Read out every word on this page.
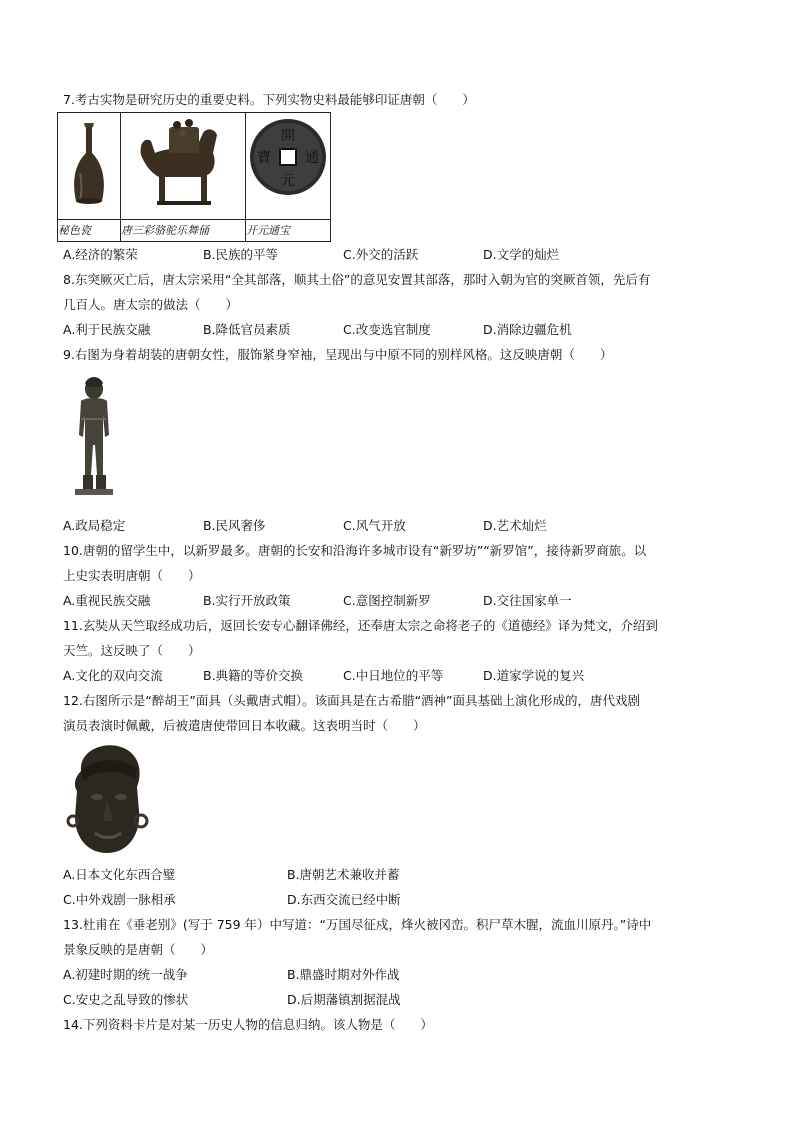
7.考古实物是研究历史的重要史料。下列实物史料最能够印证唐朝（　　）

開
通
寶
元

秘色瓷	唐三彩骆驼乐舞俑	开元通宝
A.经济的繁荣	B.民族的平等	C.外交的活跃	D.文学的灿烂
8.东突厥灭亡后，唐太宗采用“全其部落，顺其土俗”的意见安置其部落，那时入朝为官的突厥首领，先后有
几百人。唐太宗的做法（　　）
A.利于民族交融	B.降低官员素质	C.改变选官制度	D.消除边疆危机
9.右图为身着胡装的唐朝女性，服饰紧身窄袖，呈现出与中原不同的别样风格。这反映唐朝（　　）
A.政局稳定	B.民风奢侈	C.风气开放	D.艺术灿烂
10.唐朝的留学生中，以新罗最多。唐朝的长安和沿海许多城市设有“新罗坊”“新罗馆”，接待新罗商旅。以
上史实表明唐朝（　　）
A.重视民族交融	B.实行开放政策	C.意图控制新罗	D.交往国家单一
11.玄奘从天竺取经成功后，返回长安专心翻译佛经，还奉唐太宗之命将老子的《道德经》译为梵文，介绍到
天竺。这反映了（　　）
A.文化的双向交流	B.典籍的等价交换	C.中日地位的平等	D.道家学说的复兴
12.右图所示是“醉胡王”面具（头戴唐式帽）。该面具是在古希腊“酒神”面具基础上演化形成的，唐代戏剧
演员表演时佩戴，后被遣唐使带回日本收藏。这表明当时（　　）
A.日本文化东西合璧	B.唐朝艺术兼收并蓄
C.中外戏剧一脉相承	D.东西交流已经中断
13.杜甫在《垂老别》(写于 759 年）中写道：“万国尽征戍，烽火被冈峦。积尸草木腥，流血川原丹。”诗中
景象反映的是唐朝（　　）
A.初建时期的统一战争	B.鼎盛时期对外作战
C.安史之乱导致的惨状	D.后期藩镇割据混战
14.下列资料卡片是对某一历史人物的信息归纳。该人物是（　　）
